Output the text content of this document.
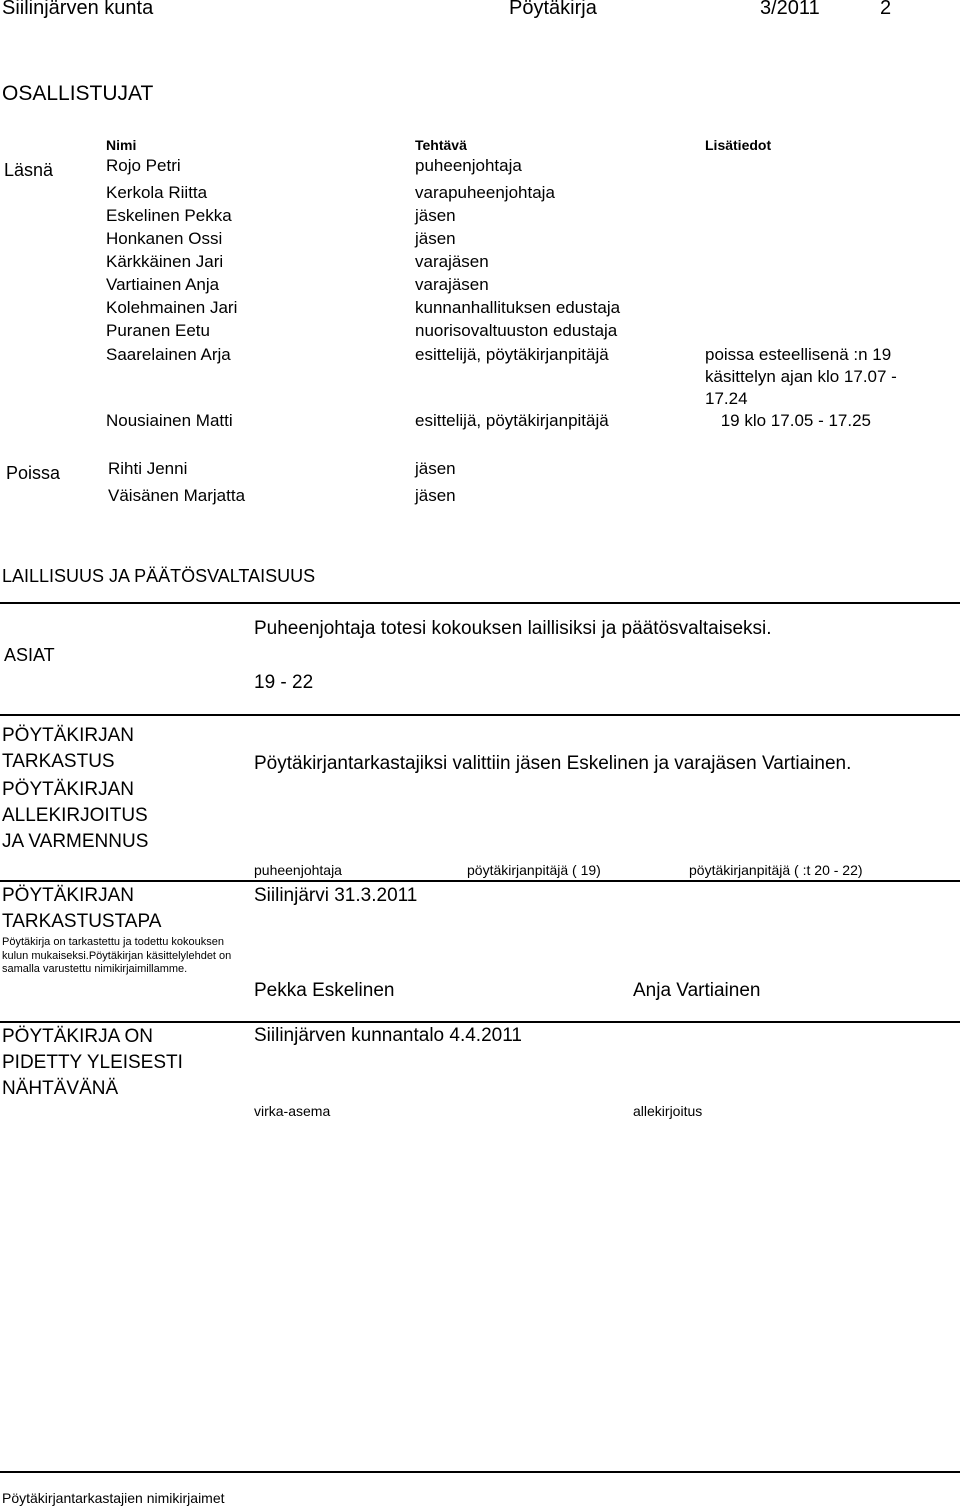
Siilinjärven kunta	Pöytäkirja	3/2011	2
OSALLISTUJAT
Nimi	Tehtävä	Lisätiedot
Läsnä	Rojo Petri	puheenjohtaja
Kerkola Riitta	varapuheenjohtaja
Eskelinen Pekka	jäsen
Honkanen Ossi	jäsen
Kärkkäinen Jari	varajäsen
Vartiainen Anja	varajäsen
Kolehmainen Jari	kunnanhallituksen edustaja
Puranen Eetu	nuorisovaltuuston edustaja
Saarelainen Arja	esittelijä, pöytäkirjanpitäjä	poissa esteellisenä :n 19
käsittelyn ajan klo 17.07 -
17.24
Nousiainen Matti	esittelijä, pöytäkirjanpitäjä	19 klo 17.05 - 17.25
Poissa	Rihti Jenni	jäsen
Väisänen Marjatta	jäsen
LAILLISUUS JA PÄÄTÖSVALTAISUUS
Puheenjohtaja totesi kokouksen laillisiksi ja päätösvaltaiseksi.
ASIAT
19 - 22
PÖYTÄKIRJAN
TARKASTUS	Pöytäkirjantarkastajiksi valittiin jäsen Eskelinen ja varajäsen Vartiainen.
PÖYTÄKIRJAN
ALLEKIRJOITUS
JA VARMENNUS
puheenjohtaja	pöytäkirjanpitäjä ( 19)	pöytäkirjanpitäjä ( :t 20 - 22)
PÖYTÄKIRJAN
TARKASTUSTAPA
Pöytäkirja on tarkastettu ja todettu kokouksen kulun mukaiseksi.Pöytäkirjan käsittelylehdet on samalla varustettu nimikirjaimillamme.
Siilinjärvi 31.3.2011
Pekka Eskelinen	Anja Vartiainen
PÖYTÄKIRJA ON
PIDETTY YLEISESTI
NÄHTÄVÄNÄ
Siilinjärven kunnantalo 4.4.2011
virka-asema	allekirjoitus
Pöytäkirjantarkastajien nimikirjaimet
